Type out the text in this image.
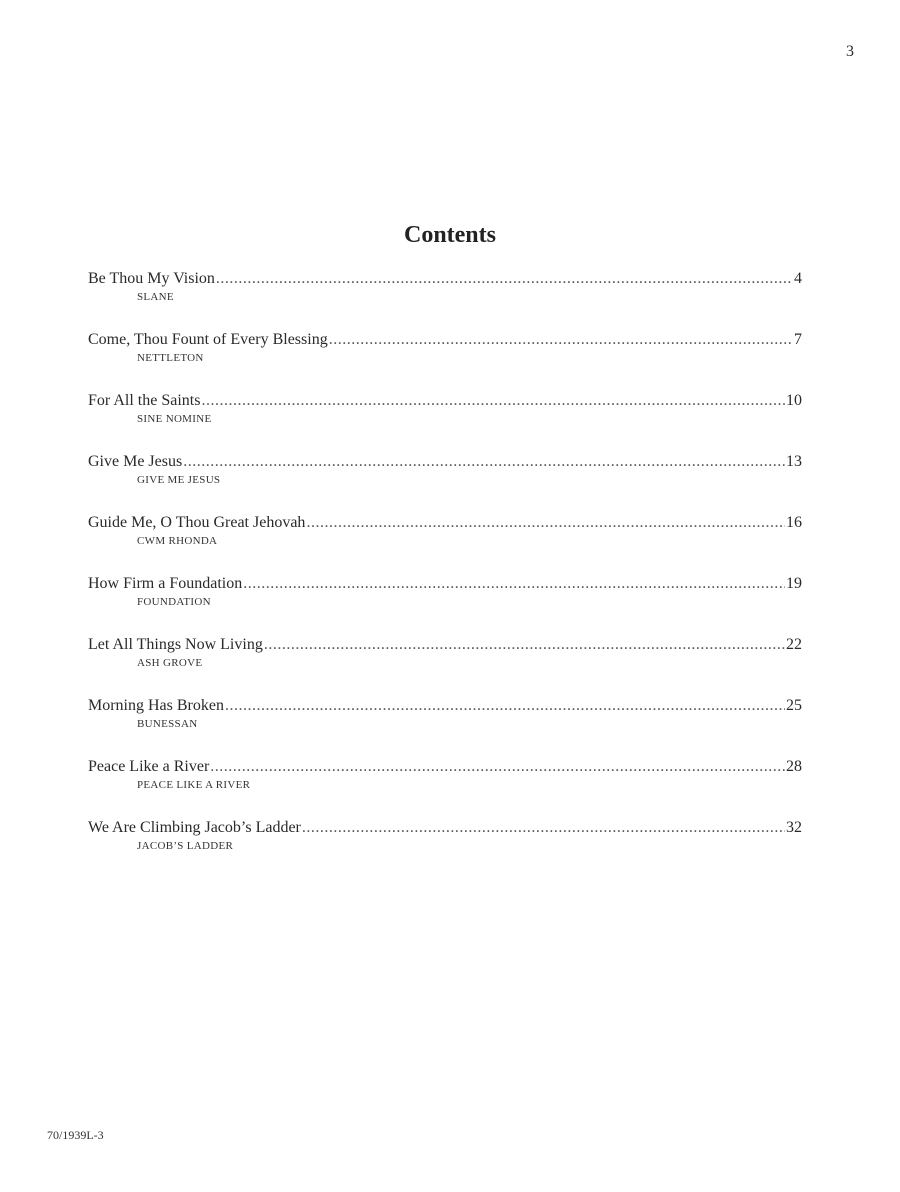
3
Contents
Be Thou My Vision .....	4
SLANE
Come, Thou Fount of Every Blessing .....	7
NETTLETON
For All the Saints .....	10
SINE NOMINE
Give Me Jesus .....	13
GIVE ME JESUS
Guide Me, O Thou Great Jehovah .....	16
CWM RHONDA
How Firm a Foundation .....	19
FOUNDATION
Let All Things Now Living .....	22
ASH GROVE
Morning Has Broken .....	25
BUNESSAN
Peace Like a River .....	28
PEACE LIKE A RIVER
We Are Climbing Jacob’s Ladder .....	32
JACOB’S LADDER
70/1939L-3
